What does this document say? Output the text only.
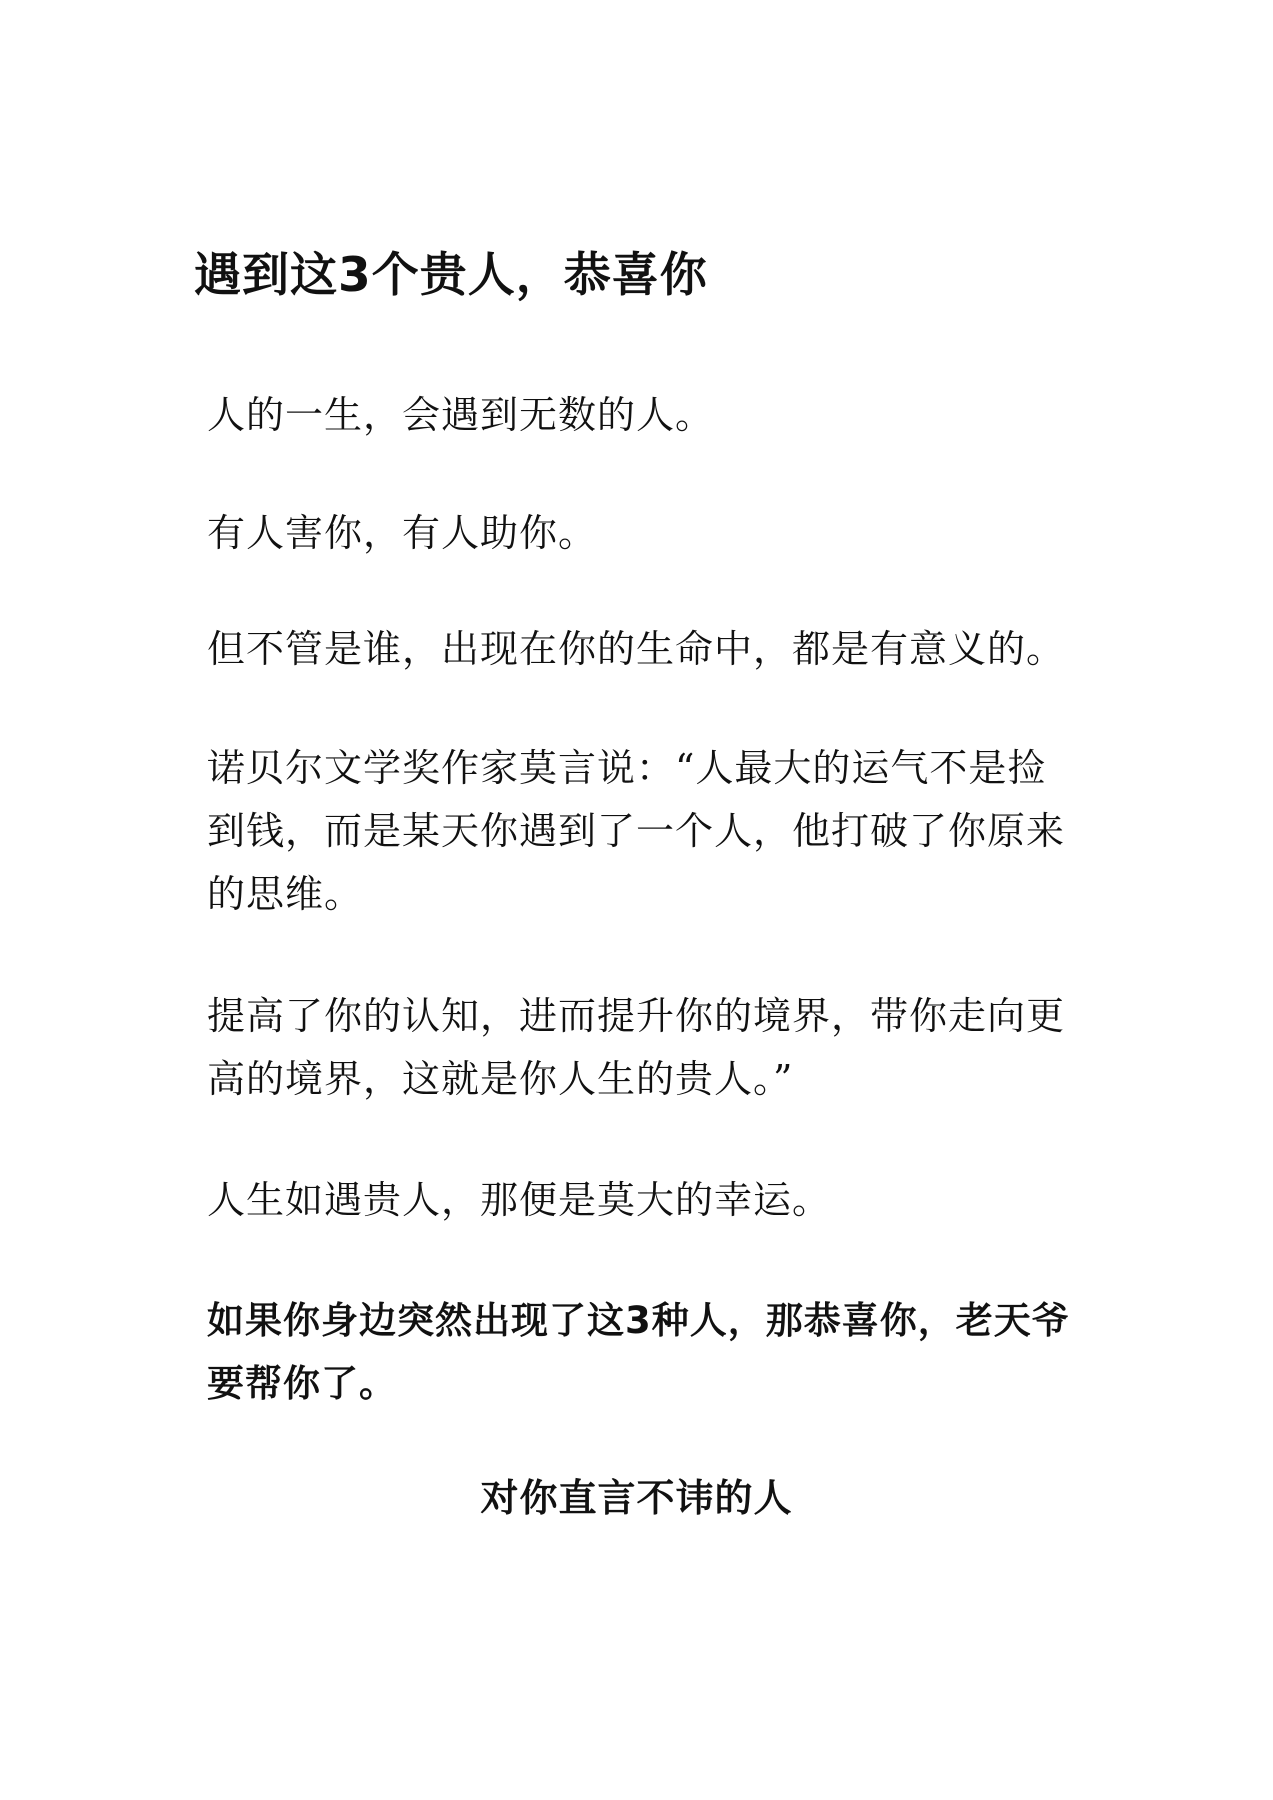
遇到这3个贵人，恭喜你

人的一生，会遇到无数的人。

有人害你，有人助你。

但不管是谁，出现在你的生命中，都是有意义的。

诺贝尔文学奖作家莫言说：“人最大的运气不是捡到钱，而是某天你遇到了一个人，他打破了你原来的思维。

提高了你的认知，进而提升你的境界，带你走向更高的境界，这就是你人生的贵人。”

人生如遇贵人，那便是莫大的幸运。

如果你身边突然出现了这3种人，那恭喜你，老天爷要帮你了。

对你直言不讳的人
